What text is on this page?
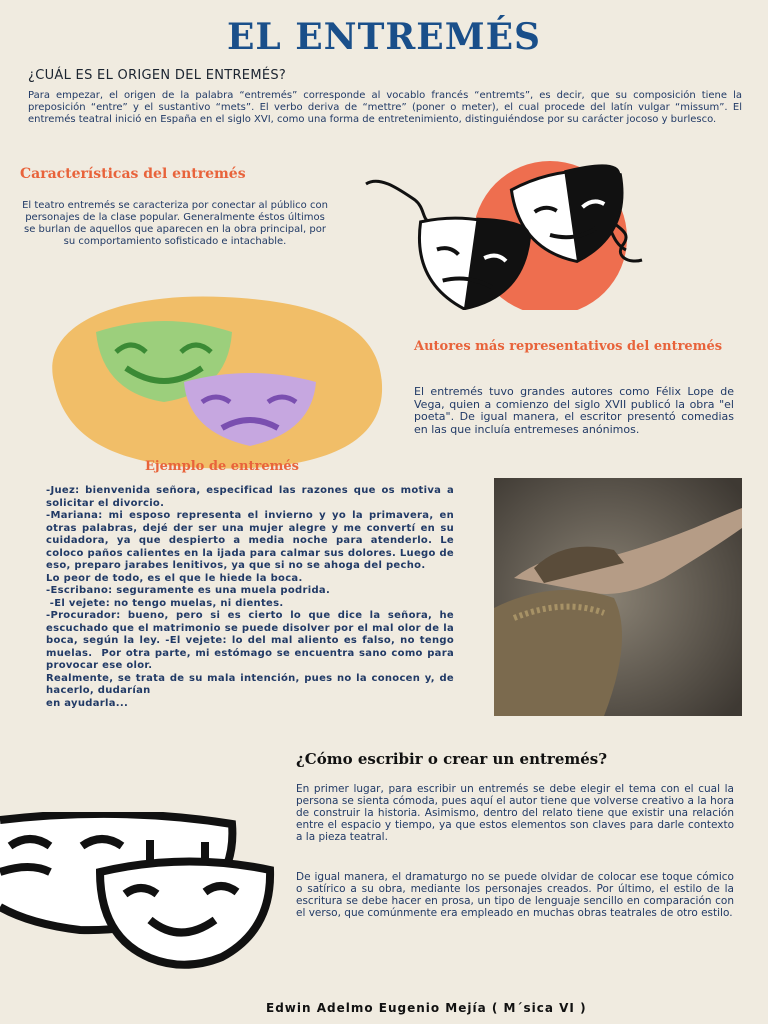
EL ENTREMÉS
¿CUÁL ES EL ORIGEN DEL ENTREMÉS?
Para empezar, el origen de la palabra “entremés” corresponde al vocablo francés “entremts”, es decir, que su composición tiene la preposición “entre” y el sustantivo “mets”. El verbo deriva de “mettre” (poner o meter), el cual procede del latín vulgar “missum”. El entremés teatral inició en España en el siglo XVI, como una forma de entretenimiento, distinguiéndose por su carácter jocoso y burlesco.
Características del entremés
El teatro entremés se caracteriza por conectar al público con personajes de la clase popular. Generalmente éstos últimos se burlan de aquellos que aparecen en la obra principal, por su comportamiento sofisticado e intachable.
Autores más representativos del entremés
El entremés tuvo grandes autores como Félix Lope de Vega, quien a comienzo del siglo XVII publicó la obra "el poeta". De igual manera, el escritor presentó comedias en las que incluía entremeses anónimos.
Ejemplo de entremés
-Juez: bienvenida señora, especificad las razones que os motiva a solicitar el divorcio.
-Mariana: mi esposo representa el invierno y yo la primavera, en otras palabras, dejé der ser una mujer alegre y me convertí en su cuidadora, ya que despierto a media noche para atenderlo. Le coloco paños calientes en la ijada para calmar sus dolores. Luego de eso, preparo jarabes lenitivos, ya que si no se ahoga del pecho.
Lo peor de todo, es el que le hiede la boca.
-Escribano: seguramente es una muela podrida.
-El vejete: no tengo muelas, ni dientes.
-Procurador: bueno, pero si es cierto lo que dice la señora, he escuchado que el matrimonio se puede disolver por el mal olor de la boca, según la ley. -El vejete: lo del mal aliento es falso, no tengo muelas.  Por otra parte, mi estómago se encuentra sano como para provocar ese olor.
Realmente, se trata de su mala intención, pues no la conocen y, de hacerlo, dudarían
en ayudarla...
¿Cómo escribir o crear un entremés?
En primer lugar, para escribir un entremés se debe elegir el tema con el cual la persona se sienta cómoda, pues aquí el autor tiene que volverse creativo a la hora de construir la historia. Asimismo, dentro del relato tiene que existir una relación entre el espacio y tiempo, ya que estos elementos son claves para darle contexto a la pieza teatral.
De igual manera, el dramaturgo no se puede olvidar de colocar ese toque cómico o satírico a su obra, mediante los personajes creados. Por último, el estilo de la escritura se debe hacer en prosa, un tipo de lenguaje sencillo en comparación con el verso, que comúnmente era empleado en muchas obras teatrales de otro estilo.
Edwin Adelmo Eugenio Mejía ( M´sica VI )
